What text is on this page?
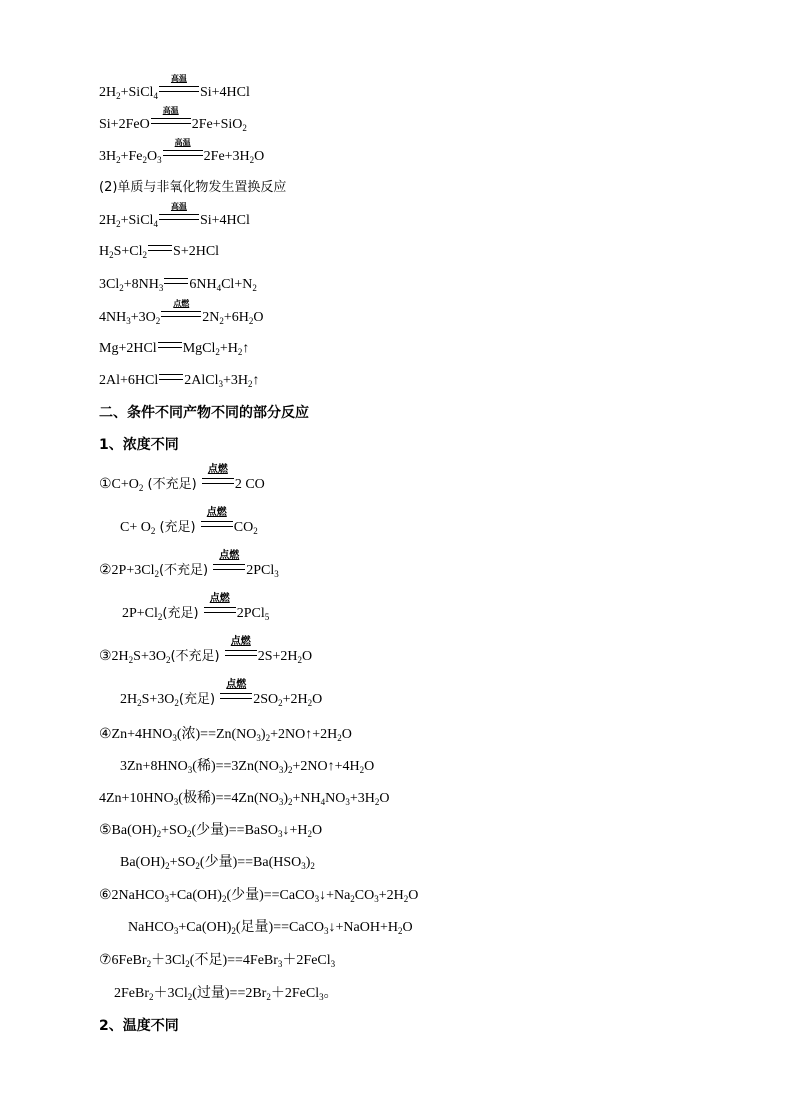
$2H_2+SiCl_4$
高温
Si+4HCl
Si+2FeO
高温
2Fe+SiO$_2$
$3H_2+Fe_2O_3$
高温
$2Fe+3H_2O$
(2)单质与非氧化物发生置换反应
$2H_2+SiCl_4$
高温
Si+4HCl
$H_2S+Cl_2$ S+2HCl
$3Cl_2+8NH_3$ $6NH_4Cl+N_2$
$4NH_3+3O_2$
点燃
$2N_2+6H_2O$
Mg+2HCl $MgCl_2+H_2↑$
2Al+6HCl $2AlCl_3+3H_2↑$
二、条件不同产物不同的部分反应
1、浓度不同
$①C+O_2$ (不充足)
点燃
2 CO
$C+ O_2$ (充足)
点燃
$CO_2$
$②2P+3Cl_2$(不充足)
点燃
2PCl$_3$
$2P+Cl_2$(充足)
点燃
2PCl$_5$
$③2H_2S+3O_2$(不充足)
点燃
$2S+2H_2O$
$2H_2S+3O_2$(充足)
点燃
$2SO_2+2H_2O$
$④Zn+4HNO_3$(浓)$==Zn(NO_3)_2+2NO↑+2H_2O$
$3Zn+8HNO_3$(稀)$==3Zn(NO_3)_2+2NO↑+4H_2O$
$4Zn+10HNO_3$(极稀)$==4Zn(NO_3)_2+NH_4NO_3+3H_2O$
$⑤Ba(OH)_2+SO_2$(少量)$==BaSO_3↓+H_2O$
$Ba(OH)_2+SO_2$(少量)$==Ba(HSO_3)_2$
$⑥2NaHCO_3+Ca(OH)_2$(少量)$==CaCO_3↓+Na_2CO_3+2H_2O$
$NaHCO_3+Ca(OH)_2$(足量)$==CaCO_3↓+NaOH+H_2O$
$⑦6FeBr_2+3Cl_2$(不足)==4FeBr$_3$＋2FeCl$_3$
$2FeBr_2+3Cl_2$(过量)$==2Br_2+2FeCl_3$。
2、温度不同
